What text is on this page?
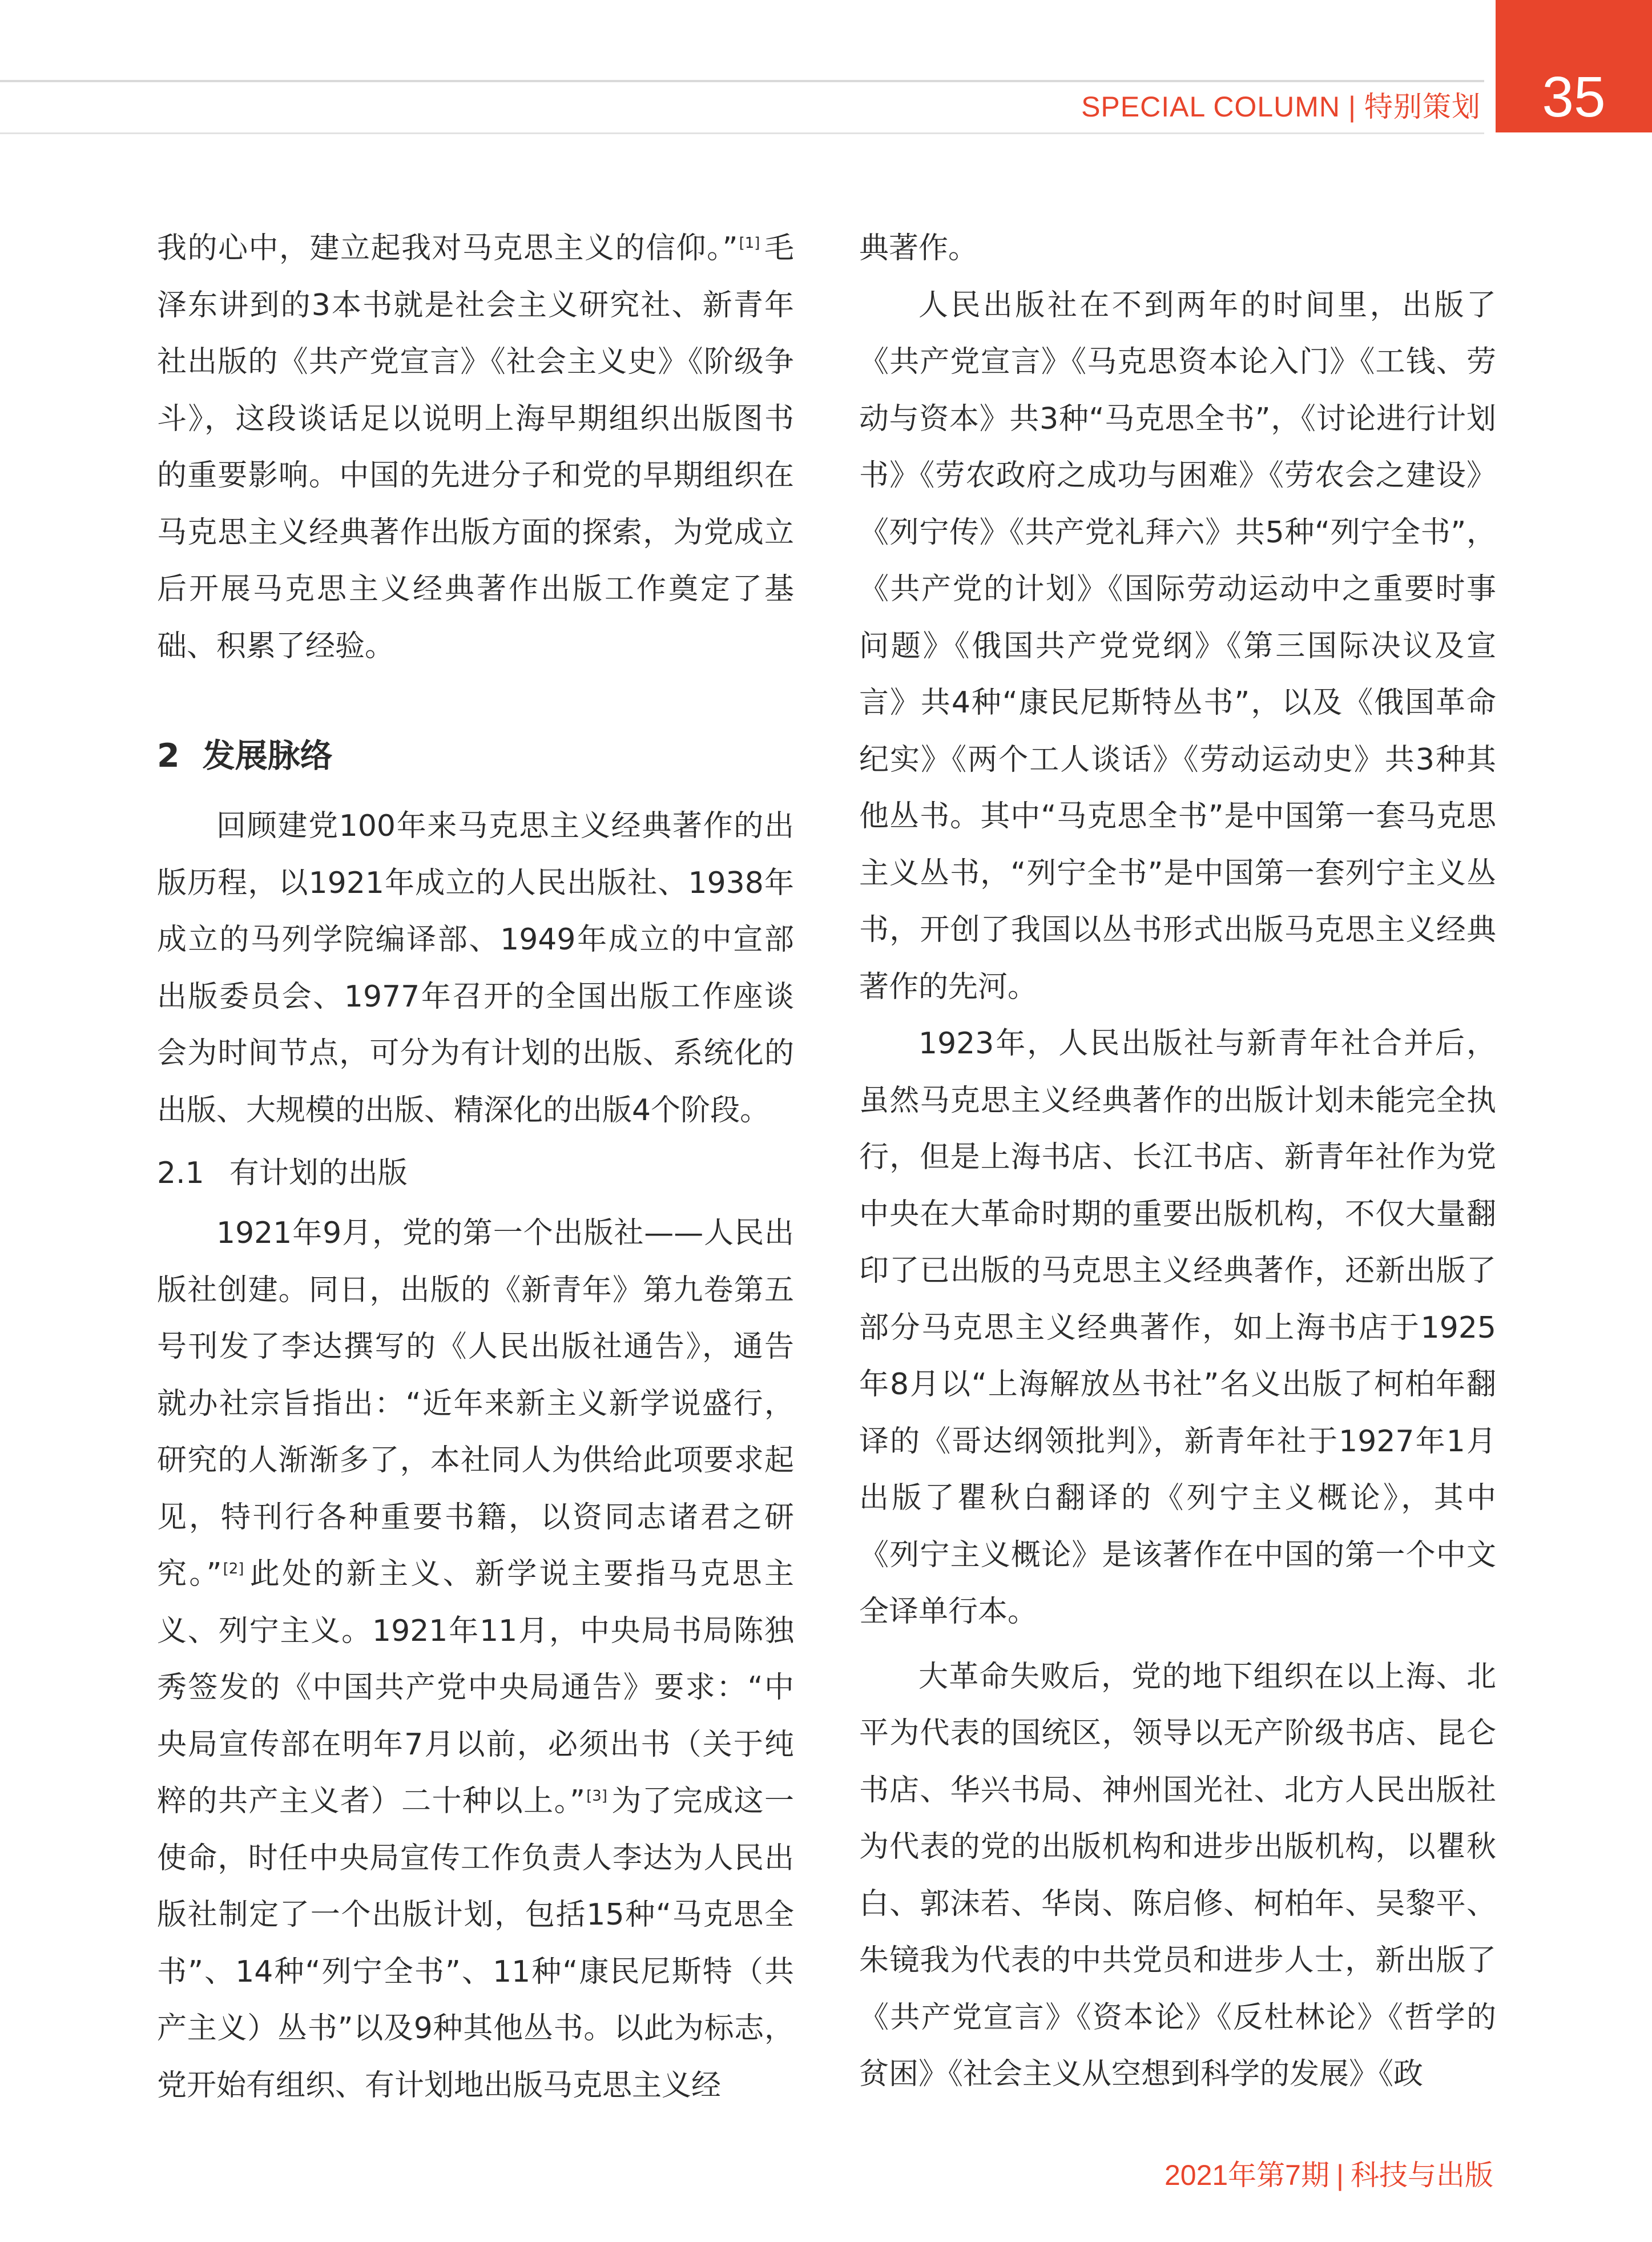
SPECIAL COLUMN | 特别策划	35

我的心中，建立起我对马克思主义的信仰。”[1] 毛泽东讲到的3本书就是社会主义研究社、新青年社出版的《共产党宣言》《社会主义史》《阶级争斗》，这段谈话足以说明上海早期组织出版图书的重要影响。中国的先进分子和党的早期组织在马克思主义经典著作出版方面的探索，为党成立后开展马克思主义经典著作出版工作奠定了基础、积累了经验。

2 发展脉络

回顾建党100年来马克思主义经典著作的出版历程，以1921年成立的人民出版社、1938年成立的马列学院编译部、1949年成立的中宣部出版委员会、1977年召开的全国出版工作座谈会为时间节点，可分为有计划的出版、系统化的出版、大规模的出版、精深化的出版4个阶段。

2.1 有计划的出版

1921年9月，党的第一个出版社——人民出版社创建。同日，出版的《新青年》第九卷第五号刊发了李达撰写的《人民出版社通告》，通告就办社宗旨指出：“近年来新主义新学说盛行，研究的人渐渐多了，本社同人为供给此项要求起见，特刊行各种重要书籍，以资同志诸君之研究。”[2] 此处的新主义、新学说主要指马克思主义、列宁主义。1921年11月，中央局书局陈独秀签发的《中国共产党中央局通告》要求：“中央局宣传部在明年7月以前，必须出书（关于纯粹的共产主义者）二十种以上。”[3] 为了完成这一使命，时任中央局宣传工作负责人李达为人民出版社制定了一个出版计划，包括15种“马克思全书”、14种“列宁全书”、11种“康民尼斯特（共产主义）丛书”以及9种其他丛书。以此为标志，党开始有组织、有计划地出版马克思主义经

典著作。

人民出版社在不到两年的时间里，出版了《共产党宣言》《马克思资本论入门》《工钱、劳动与资本》共3种“马克思全书”，《讨论进行计划书》《劳农政府之成功与困难》《劳农会之建设》《列宁传》《共产党礼拜六》共5种“列宁全书”，《共产党的计划》《国际劳动运动中之重要时事问题》《俄国共产党党纲》《第三国际决议及宣言》共4种“康民尼斯特丛书”，以及《俄国革命纪实》《两个工人谈话》《劳动运动史》共3种其他丛书。其中“马克思全书”是中国第一套马克思主义丛书，“列宁全书”是中国第一套列宁主义丛书，开创了我国以丛书形式出版马克思主义经典著作的先河。

1923年，人民出版社与新青年社合并后，虽然马克思主义经典著作的出版计划未能完全执行，但是上海书店、长江书店、新青年社作为党中央在大革命时期的重要出版机构，不仅大量翻印了已出版的马克思主义经典著作，还新出版了部分马克思主义经典著作，如上海书店于1925年8月以“上海解放丛书社”名义出版了柯柏年翻译的《哥达纲领批判》，新青年社于1927年1月出版了瞿秋白翻译的《列宁主义概论》，其中《列宁主义概论》是该著作在中国的第一个中文全译单行本。

大革命失败后，党的地下组织在以上海、北平为代表的国统区，领导以无产阶级书店、昆仑书店、华兴书局、神州国光社、北方人民出版社为代表的党的出版机构和进步出版机构，以瞿秋白、郭沫若、华岗、陈启修、柯柏年、吴黎平、朱镜我为代表的中共党员和进步人士，新出版了《共产党宣言》《资本论》《反杜林论》《哲学的贫困》《社会主义从空想到科学的发展》《政

2021年第7期 | 科技与出版
